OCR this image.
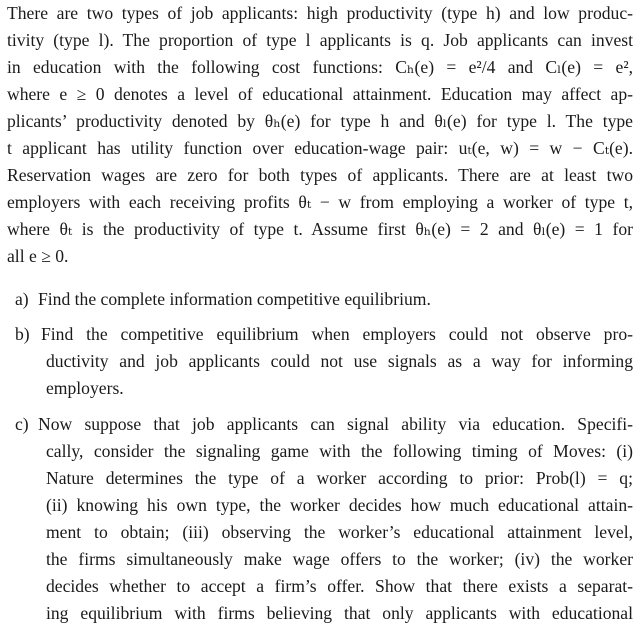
There are two types of job applicants: high productivity (type h) and low produc-
tivity (type l). The proportion of type l applicants is q. Job applicants can invest
in education with the following cost functions: Cₕ(e) = e²/4 and Cₗ(e) = e²,
where e ≥ 0 denotes a level of educational attainment. Education may affect ap-
plicants’ productivity denoted by θₕ(e) for type h and θₗ(e) for type l. The type
t applicant has utility function over education-wage pair: uₜ(e, w) = w − Cₜ(e).
Reservation wages are zero for both types of applicants. There are at least two
employers with each receiving profits θₜ − w from employing a worker of type t,
where θₜ is the productivity of type t. Assume first θₕ(e) = 2 and θₗ(e) = 1 for
all e ≥ 0.
a) Find the complete information competitive equilibrium.
b) Find the competitive equilibrium when employers could not observe pro-
ductivity and job applicants could not use signals as a way for informing
employers.
c) Now suppose that job applicants can signal ability via education. Specifi-
cally, consider the signaling game with the following timing of Moves: (i)
Nature determines the type of a worker according to prior: Prob(l) = q;
(ii) knowing his own type, the worker decides how much educational attain-
ment to obtain; (iii) observing the worker’s educational attainment level,
the firms simultaneously make wage offers to the worker; (iv) the worker
decides whether to accept a firm’s offer. Show that there exists a separat-
ing equilibrium with firms believing that only applicants with educational
